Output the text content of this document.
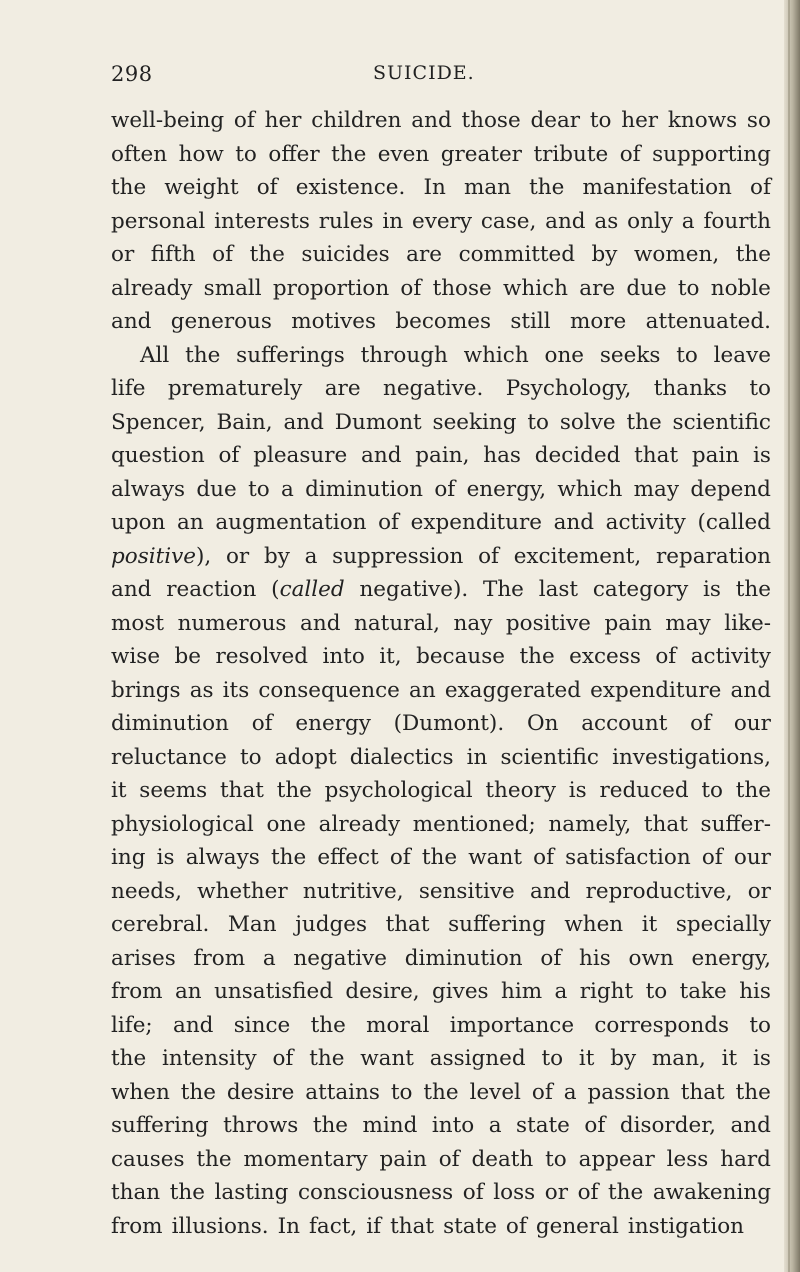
298	SUICIDE.
well-being of her children and those dear to her knows so
often how to offer the even greater tribute of supporting
the weight of existence. In man the manifestation of
personal interests rules in every case, and as only a fourth
or fifth of the suicides are committed by women, the
already small proportion of those which are due to noble
and generous motives becomes still more attenuated.
All the sufferings through which one seeks to leave
life prematurely are negative. Psychology, thanks to
Spencer, Bain, and Dumont seeking to solve the scientific
question of pleasure and pain, has decided that pain is
always due to a diminution of energy, which may depend
upon an augmentation of expenditure and activity (called
positive), or by a suppression of excitement, reparation
and reaction (called negative). The last category is the
most numerous and natural, nay positive pain may like-
wise be resolved into it, because the excess of activity
brings as its consequence an exaggerated expenditure and
diminution of energy (Dumont). On account of our
reluctance to adopt dialectics in scientific investigations,
it seems that the psychological theory is reduced to the
physiological one already mentioned; namely, that suffer-
ing is always the effect of the want of satisfaction of our
needs, whether nutritive, sensitive and reproductive, or
cerebral. Man judges that suffering when it specially
arises from a negative diminution of his own energy,
from an unsatisfied desire, gives him a right to take his
life; and since the moral importance corresponds to
the intensity of the want assigned to it by man, it is
when the desire attains to the level of a passion that the
suffering throws the mind into a state of disorder, and
causes the momentary pain of death to appear less hard
than the lasting consciousness of loss or of the awakening
from illusions. In fact, if that state of general instigation
